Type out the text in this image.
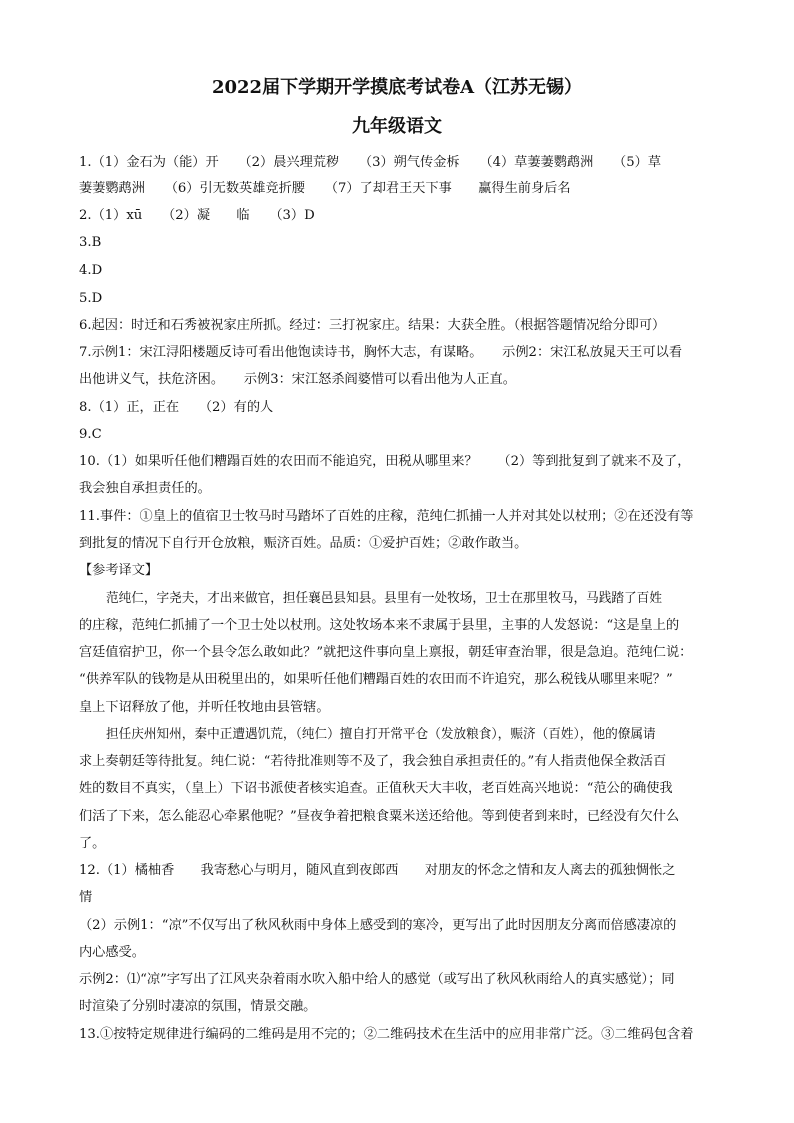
2022届下学期开学摸底考试卷A（江苏无锡）
九年级语文
1.（1）金石为（能）开　　（2）晨兴理荒秽　　（3）朔气传金柝　　（4）草萋萋鹦鹉洲　　（5）草
萋萋鹦鹉洲　　（6）引无数英雄竞折腰　　（7）了却君王天下事　　赢得生前身后名
2.（1）xū　　（2）凝　　临　　（3）D
3.B
4.D
5.D
6.起因：时迁和石秀被祝家庄所抓。经过：三打祝家庄。结果：大获全胜。（根据答题情况给分即可）
7.示例1：宋江浔阳楼题反诗可看出他饱读诗书，胸怀大志，有谋略。　　示例2：宋江私放晁天王可以看
出他讲义气，扶危济困。　　示例3：宋江怒杀阎婆惜可以看出他为人正直。
8.（1）正，正在　　（2）有的人
9.C
10.（1）如果听任他们糟蹋百姓的农田而不能追究，田税从哪里来？　　（2）等到批复到了就来不及了，
我会独自承担责任的。
11.事件：①皇上的值宿卫士牧马时马踏坏了百姓的庄稼，范纯仁抓捕一人并对其处以杖刑；②在还没有等
到批复的情况下自行开仓放粮，赈济百姓。品质：①爱护百姓；②敢作敢当。
【参考译文】
范纯仁，字尧夫，才出来做官，担任襄邑县知县。县里有一处牧场，卫士在那里牧马，马践踏了百姓
的庄稼，范纯仁抓捕了一个卫士处以杖刑。这处牧场本来不隶属于县里，主事的人发怒说：“这是皇上的
宫廷值宿护卫，你一个县令怎么敢如此？”就把这件事向皇上禀报，朝廷审查治罪，很是急迫。范纯仁说：
“供养军队的钱物是从田税里出的，如果听任他们糟蹋百姓的农田而不许追究，那么税钱从哪里来呢？”
皇上下诏释放了他，并听任牧地由县管辖。
担任庆州知州，秦中正遭遇饥荒，（纯仁）擅自打开常平仓（发放粮食），赈济（百姓），他的僚属请
求上奏朝廷等待批复。纯仁说：“若待批准则等不及了，我会独自承担责任的。”有人指责他保全救活百
姓的数目不真实，（皇上）下诏书派使者核实追查。正值秋天大丰收，老百姓高兴地说：“范公的确使我
们活了下来，怎么能忍心牵累他呢？”昼夜争着把粮食粟米送还给他。等到使者到来时，已经没有欠什么
了。
12.（1）橘柚香　　我寄愁心与明月，随风直到夜郎西　　对朋友的怀念之情和友人离去的孤独惆怅之
情
（2）示例1：“凉”不仅写出了秋风秋雨中身体上感受到的寒冷，更写出了此时因朋友分离而倍感凄凉的
内心感受。
示例2：⑴“凉”字写出了江风夹杂着雨水吹入船中给人的感觉（或写出了秋风秋雨给人的真实感觉）；同
时渲染了分别时凄凉的氛围，情景交融。
13.①按特定规律进行编码的二维码是用不完的；②二维码技术在生活中的应用非常广泛。③二维码包含着
